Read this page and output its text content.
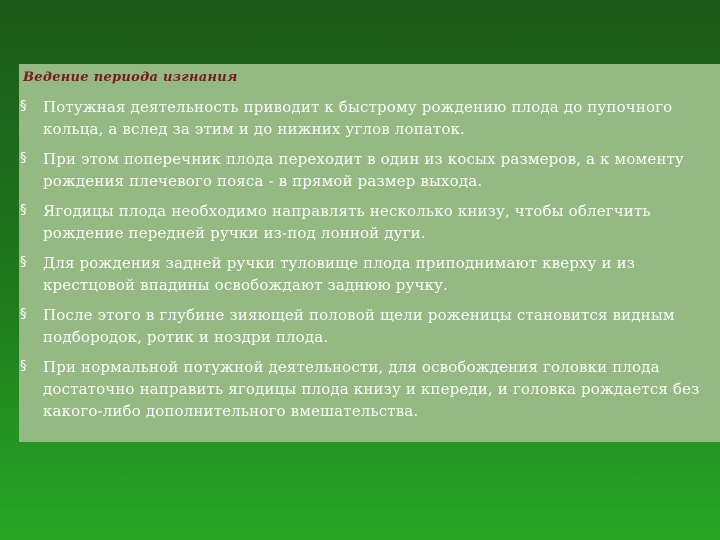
Ведение периода изгнания
§ Потужная деятельность приводит к быстрому рождению плода до пупочного кольца, а вслед за этим и до нижних углов лопаток.
§ При этом поперечник плода переходит в один из косых размеров, а к моменту рождения плечевого пояса - в прямой размер выхода.
§ Ягодицы плода необходимо направлять несколько книзу, чтобы облегчить рождение передней ручки из-под лонной дуги.
§ Для рождения задней ручки туловище плода приподнимают кверху и из крестцовой впадины освобождают заднюю ручку.
§ После этого в глубине зияющей половой щели роженицы становится видным подбородок, ротик и ноздри плода.
§ При нормальной потужной деятельности, для освобождения головки плода достаточно направить ягодицы плода книзу и кпереди, и головка рождается без какого-либо дополнительного вмешательства.
